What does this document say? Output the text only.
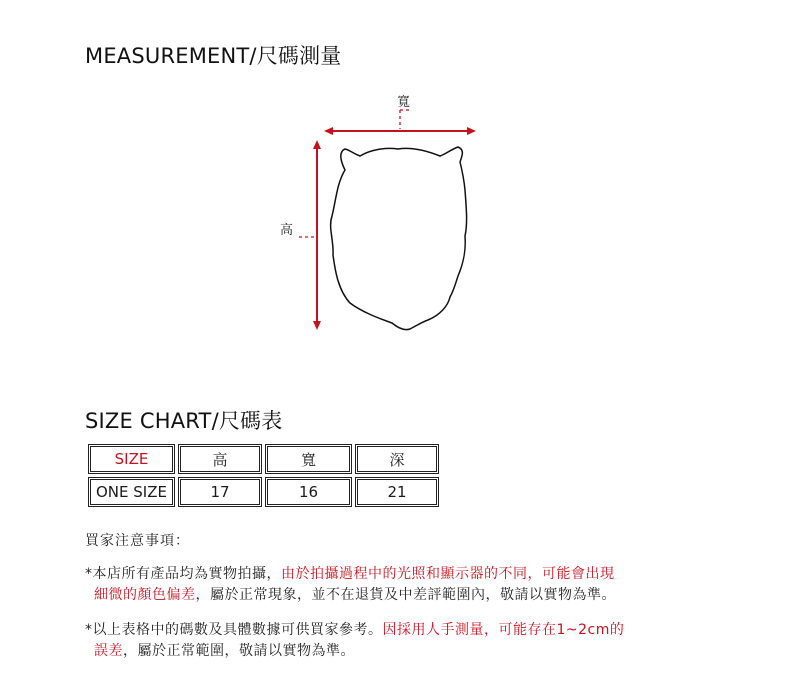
MEASUREMENT/尺碼測量
寬
高
SIZE CHART/尺碼表
SIZE	高	寬	深
ONE SIZE	17	16	21
買家注意事項：
*本店所有產品均為實物拍攝，由於拍攝過程中的光照和顯示器的不同，可能會出現
細微的顏色偏差，屬於正常現象，並不在退貨及中差評範圍內，敬請以實物為準。
*以上表格中的碼數及具體數據可供買家參考。因採用人手測量，可能存在1~2cm的
誤差，屬於正常範圍，敬請以實物為準。
